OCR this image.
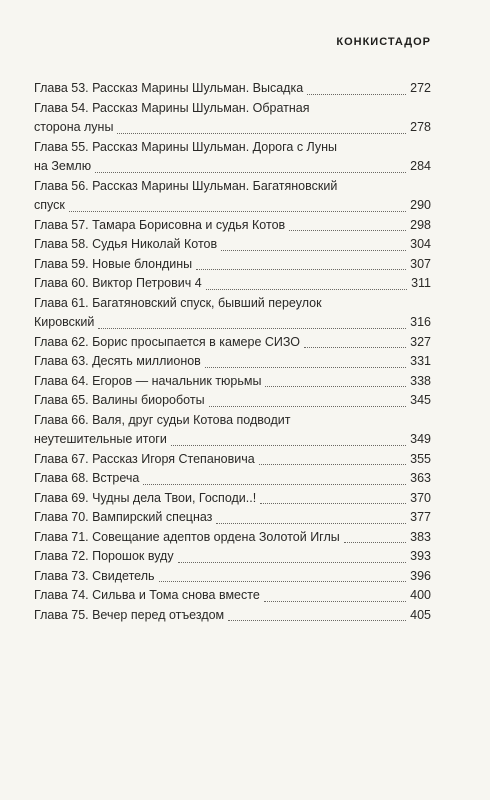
КОНКИСТАДОР
Глава 53. Рассказ Марины Шульман. Высадка	272
Глава 54. Рассказ Марины Шульман. Обратная
сторона луны	278
Глава 55. Рассказ Марины Шульман. Дорога с Луны
на Землю	284
Глава 56. Рассказ Марины Шульман. Багатяновский
спуск	290
Глава 57. Тамара Борисовна и судья Котов	298
Глава 58. Судья Николай Котов	304
Глава 59. Новые блондины	307
Глава 60. Виктор Петрович 4	311
Глава 61. Багатяновский спуск, бывший переулок
Кировский	316
Глава 62. Борис просыпается в камере СИЗО	327
Глава 63. Десять миллионов	331
Глава 64. Егоров — начальник тюрьмы	338
Глава 65. Валины биороботы	345
Глава 66. Валя, друг судьи Котова подводит
неутешительные итоги	349
Глава 67. Рассказ Игоря Степановича	355
Глава 68. Встреча	363
Глава 69. Чудны дела Твои, Господи..!	370
Глава 70. Вампирский спецназ	377
Глава 71. Совещание адептов ордена Золотой Иглы	383
Глава 72. Порошок вуду	393
Глава 73. Свидетель	396
Глава 74. Сильва и Тома снова вместе	400
Глава 75. Вечер перед отъездом	405
